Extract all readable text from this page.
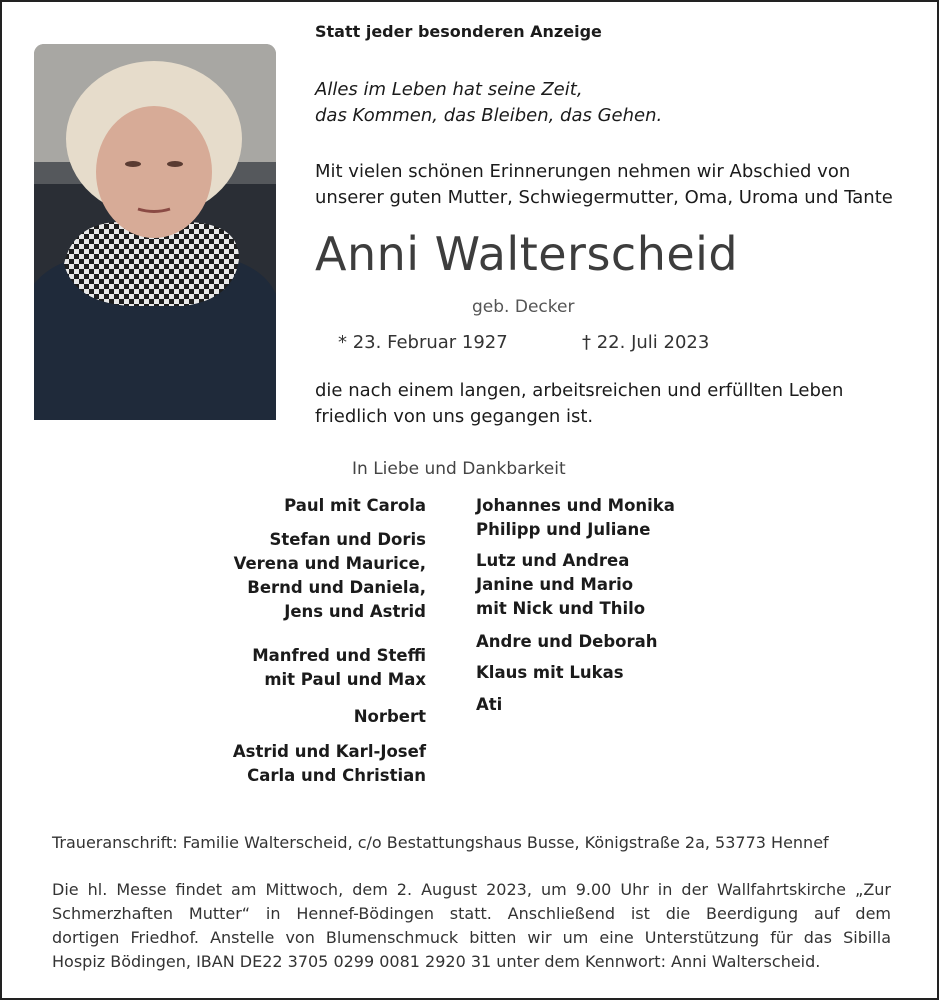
Statt jeder besonderen Anzeige
Alles im Leben hat seine Zeit,
das Kommen, das Bleiben, das Gehen.
Mit vielen schönen Erinnerungen nehmen wir Abschied von
unserer guten Mutter, Schwiegermutter, Oma, Uroma und Tante
Anni Walterscheid
geb. Decker
* 23. Februar 1927	† 22. Juli 2023
die nach einem langen, arbeitsreichen und erfüllten Leben
friedlich von uns gegangen ist.
In Liebe und Dankbarkeit
Paul mit Carola
Stefan und Doris
Verena und Maurice,
Bernd und Daniela,
Jens und Astrid
Manfred und Steffi
mit Paul und Max
Norbert
Astrid und Karl-Josef
Carla und Christian
Johannes und Monika
Philipp und Juliane
Lutz und Andrea
Janine und Mario
mit Nick und Thilo
Andre und Deborah
Klaus mit Lukas
Ati
Traueranschrift: Familie Walterscheid, c/o Bestattungshaus Busse, Königstraße 2a, 53773 Hennef
Die hl. Messe findet am Mittwoch, dem 2. August 2023, um 9.00 Uhr in der Wallfahrtskirche „Zur
Schmerzhaften Mutter“ in Hennef-Bödingen statt. Anschließend ist die Beerdigung auf dem
dortigen Friedhof. Anstelle von Blumenschmuck bitten wir um eine Unterstützung für das Sibilla
Hospiz Bödingen, IBAN DE22 3705 0299 0081 2920 31 unter dem Kennwort: Anni Walterscheid.
